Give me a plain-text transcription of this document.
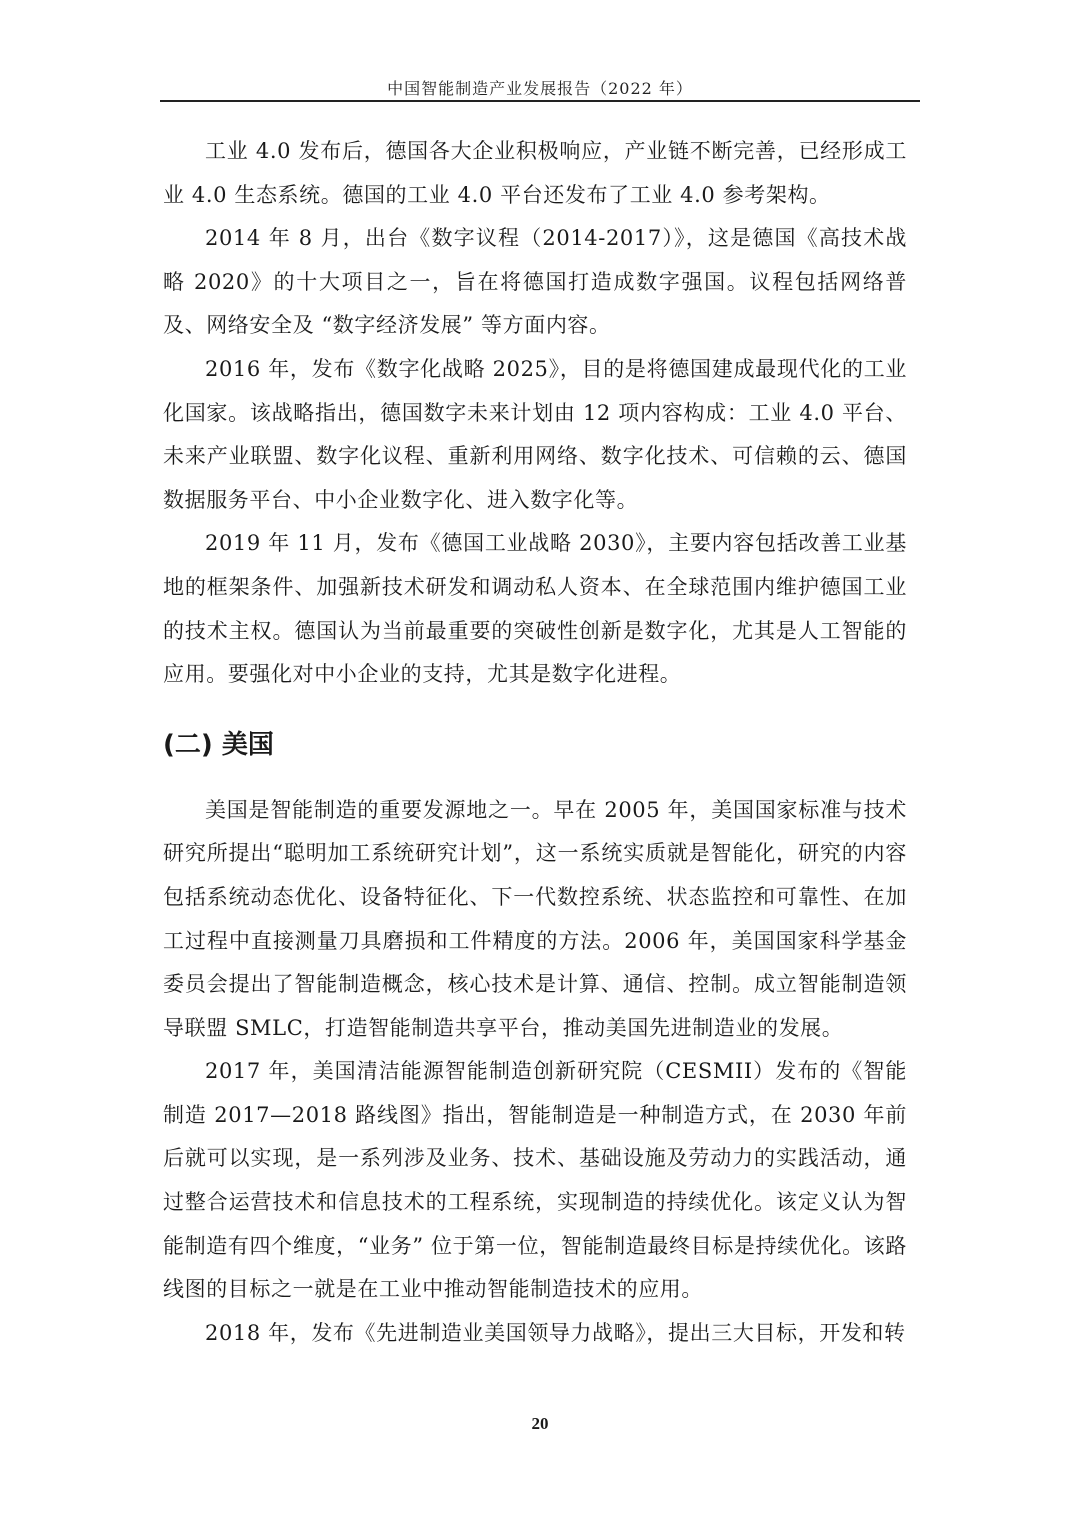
中国智能制造产业发展报告（2022 年）

工业 4.0 发布后，德国各大企业积极响应，产业链不断完善，已经形成工业 4.0 生态系统。德国的工业 4.0 平台还发布了工业 4.0 参考架构。

2014 年 8 月，出台《数字议程（2014-2017）》，这是德国《高技术战略 2020》的十大项目之一，旨在将德国打造成数字强国。议程包括网络普及、网络安全及 “数字经济发展” 等方面内容。

2016 年，发布《数字化战略 2025》，目的是将德国建成最现代化的工业化国家。该战略指出，德国数字未来计划由 12 项内容构成：工业 4.0 平台、未来产业联盟、数字化议程、重新利用网络、数字化技术、可信赖的云、德国数据服务平台、中小企业数字化、进入数字化等。

2019 年 11 月，发布《德国工业战略 2030》，主要内容包括改善工业基地的框架条件、加强新技术研发和调动私人资本、在全球范围内维护德国工业的技术主权。德国认为当前最重要的突破性创新是数字化，尤其是人工智能的应用。要强化对中小企业的支持，尤其是数字化进程。

(二) 美国

美国是智能制造的重要发源地之一。早在 2005 年，美国国家标准与技术研究所提出“聪明加工系统研究计划”，这一系统实质就是智能化，研究的内容包括系统动态优化、设备特征化、下一代数控系统、状态监控和可靠性、在加工过程中直接测量刀具磨损和工件精度的方法。2006 年，美国国家科学基金委员会提出了智能制造概念，核心技术是计算、通信、控制。成立智能制造领导联盟 SMLC，打造智能制造共享平台，推动美国先进制造业的发展。

2017 年，美国清洁能源智能制造创新研究院（CESMII）发布的《智能制造 2017—2018 路线图》指出，智能制造是一种制造方式，在 2030 年前后就可以实现，是一系列涉及业务、技术、基础设施及劳动力的实践活动，通过整合运营技术和信息技术的工程系统，实现制造的持续优化。该定义认为智能制造有四个维度，“业务” 位于第一位，智能制造最终目标是持续优化。该路线图的目标之一就是在工业中推动智能制造技术的应用。

2018 年，发布《先进制造业美国领导力战略》，提出三大目标，开发和转

20
